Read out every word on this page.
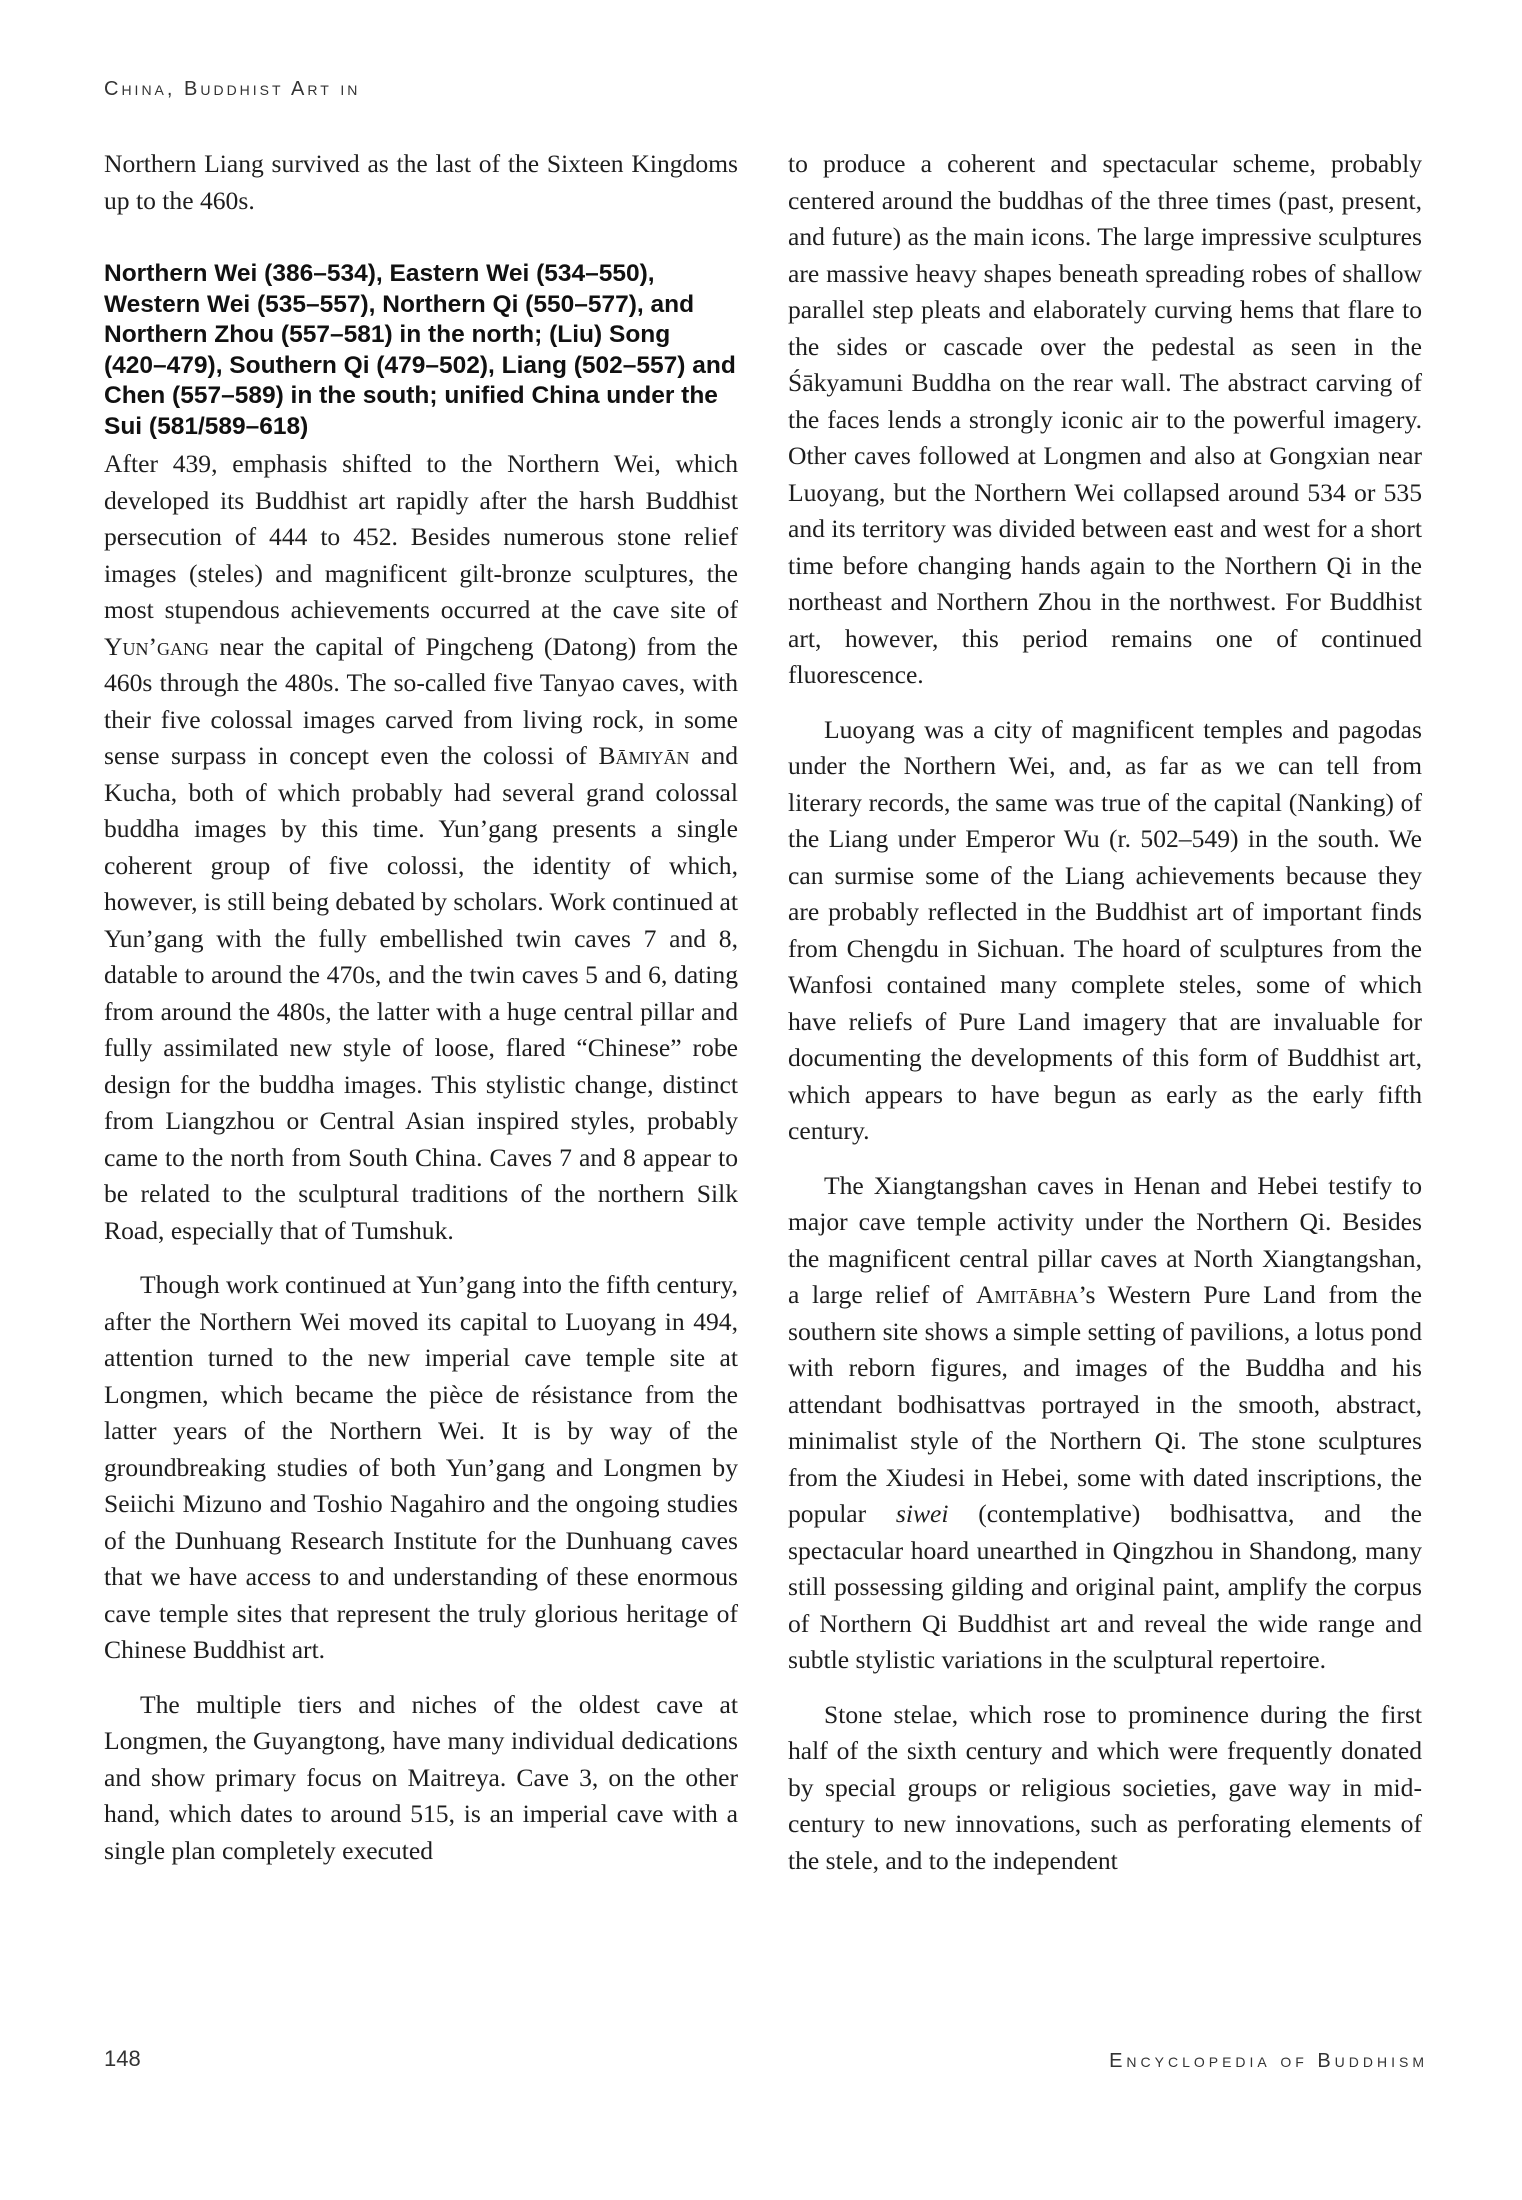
China, Buddhist Art in

Northern Liang survived as the last of the Sixteen Kingdoms up to the 460s.

Northern Wei (386–534), Eastern Wei (534–550), Western Wei (535–557), Northern Qi (550–577), and Northern Zhou (557–581) in the north; (Liu) Song (420–479), Southern Qi (479–502), Liang (502–557) and Chen (557–589) in the south; unified China under the Sui (581/589–618)

After 439, emphasis shifted to the Northern Wei, which developed its Buddhist art rapidly after the harsh Buddhist persecution of 444 to 452. Besides numerous stone relief images (steles) and magnificent gilt-bronze sculptures, the most stupendous achievements occurred at the cave site of Yun’gang near the capital of Pingcheng (Datong) from the 460s through the 480s. The so-called five Tanyao caves, with their five colossal images carved from living rock, in some sense surpass in concept even the colossi of Bāmiyān and Kucha, both of which probably had several grand colossal buddha images by this time. Yun’gang presents a single coherent group of five colossi, the identity of which, however, is still being debated by scholars. Work continued at Yun’gang with the fully embellished twin caves 7 and 8, datable to around the 470s, and the twin caves 5 and 6, dating from around the 480s, the latter with a huge central pillar and fully assimilated new style of loose, flared “Chinese” robe design for the buddha images. This stylistic change, distinct from Liangzhou or Central Asian inspired styles, probably came to the north from South China. Caves 7 and 8 appear to be related to the sculptural traditions of the northern Silk Road, especially that of Tumshuk.

Though work continued at Yun’gang into the fifth century, after the Northern Wei moved its capital to Luoyang in 494, attention turned to the new imperial cave temple site at Longmen, which became the pièce de résistance from the latter years of the Northern Wei. It is by way of the groundbreaking studies of both Yun’gang and Longmen by Seiichi Mizuno and Toshio Nagahiro and the ongoing studies of the Dunhuang Research Institute for the Dunhuang caves that we have access to and understanding of these enormous cave temple sites that represent the truly glorious heritage of Chinese Buddhist art.

The multiple tiers and niches of the oldest cave at Longmen, the Guyangtong, have many individual dedications and show primary focus on Maitreya. Cave 3, on the other hand, which dates to around 515, is an imperial cave with a single plan completely executed

to produce a coherent and spectacular scheme, probably centered around the buddhas of the three times (past, present, and future) as the main icons. The large impressive sculptures are massive heavy shapes beneath spreading robes of shallow parallel step pleats and elaborately curving hems that flare to the sides or cascade over the pedestal as seen in the Śākyamuni Buddha on the rear wall. The abstract carving of the faces lends a strongly iconic air to the powerful imagery. Other caves followed at Longmen and also at Gongxian near Luoyang, but the Northern Wei collapsed around 534 or 535 and its territory was divided between east and west for a short time before changing hands again to the Northern Qi in the northeast and Northern Zhou in the northwest. For Buddhist art, however, this period remains one of continued fluorescence.

Luoyang was a city of magnificent temples and pagodas under the Northern Wei, and, as far as we can tell from literary records, the same was true of the capital (Nanking) of the Liang under Emperor Wu (r. 502–549) in the south. We can surmise some of the Liang achievements because they are probably reflected in the Buddhist art of important finds from Chengdu in Sichuan. The hoard of sculptures from the Wanfosi contained many complete steles, some of which have reliefs of Pure Land imagery that are invaluable for documenting the developments of this form of Buddhist art, which appears to have begun as early as the early fifth century.

The Xiangtangshan caves in Henan and Hebei testify to major cave temple activity under the Northern Qi. Besides the magnificent central pillar caves at North Xiangtangshan, a large relief of Amitābha’s Western Pure Land from the southern site shows a simple setting of pavilions, a lotus pond with reborn figures, and images of the Buddha and his attendant bodhisattvas portrayed in the smooth, abstract, minimalist style of the Northern Qi. The stone sculptures from the Xiudesi in Hebei, some with dated inscriptions, the popular siwei (contemplative) bodhisattva, and the spectacular hoard unearthed in Qingzhou in Shandong, many still possessing gilding and original paint, amplify the corpus of Northern Qi Buddhist art and reveal the wide range and subtle stylistic variations in the sculptural repertoire.

Stone stelae, which rose to prominence during the first half of the sixth century and which were frequently donated by special groups or religious societies, gave way in mid-century to new innovations, such as perforating elements of the stele, and to the independent

148	Encyclopedia of Buddhism
